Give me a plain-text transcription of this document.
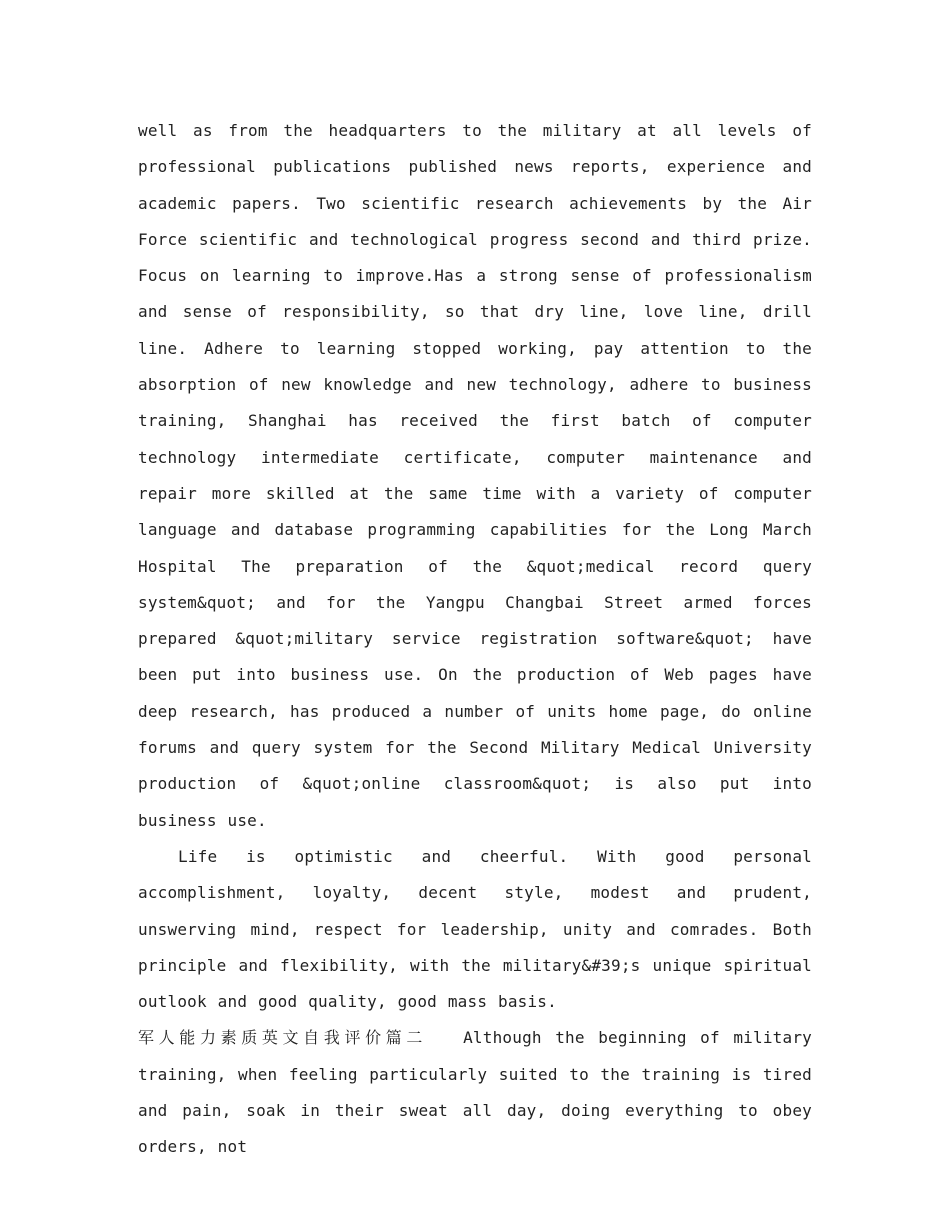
well as from the headquarters to the military at all levels of professional publications published news reports, experience and academic papers. Two scientific research achievements by the Air Force scientific and technological progress second and third prize. Focus on learning to improve.Has a strong sense of professionalism and sense of responsibility, so that dry line, love line, drill line. Adhere to learning stopped working, pay attention to the absorption of new knowledge and new technology, adhere to business training, Shanghai has received the first batch of computer technology intermediate certificate, computer maintenance and repair more skilled at the same time with a variety of computer language and database programming capabilities for the Long March Hospital The preparation of the &quot;medical record query system&quot; and for the Yangpu Changbai Street armed forces prepared &quot;military service registration software&quot; have been put into business use. On the production of Web pages have deep research, has produced a number of units home page, do online forums and query system for the Second Military Medical University production of &quot;online classroom&quot; is also put into business use.

Life is optimistic and cheerful. With good personal accomplishment, loyalty, decent style, modest and prudent, unswerving mind, respect for leadership, unity and comrades. Both principle and flexibility, with the military&#39;s unique spiritual outlook and good quality, good mass basis.

军人能力素质英文自我评价篇二 Although the beginning of military training, when feeling particularly suited to the training is tired and pain, soak in their sweat all day, doing everything to obey orders, not
